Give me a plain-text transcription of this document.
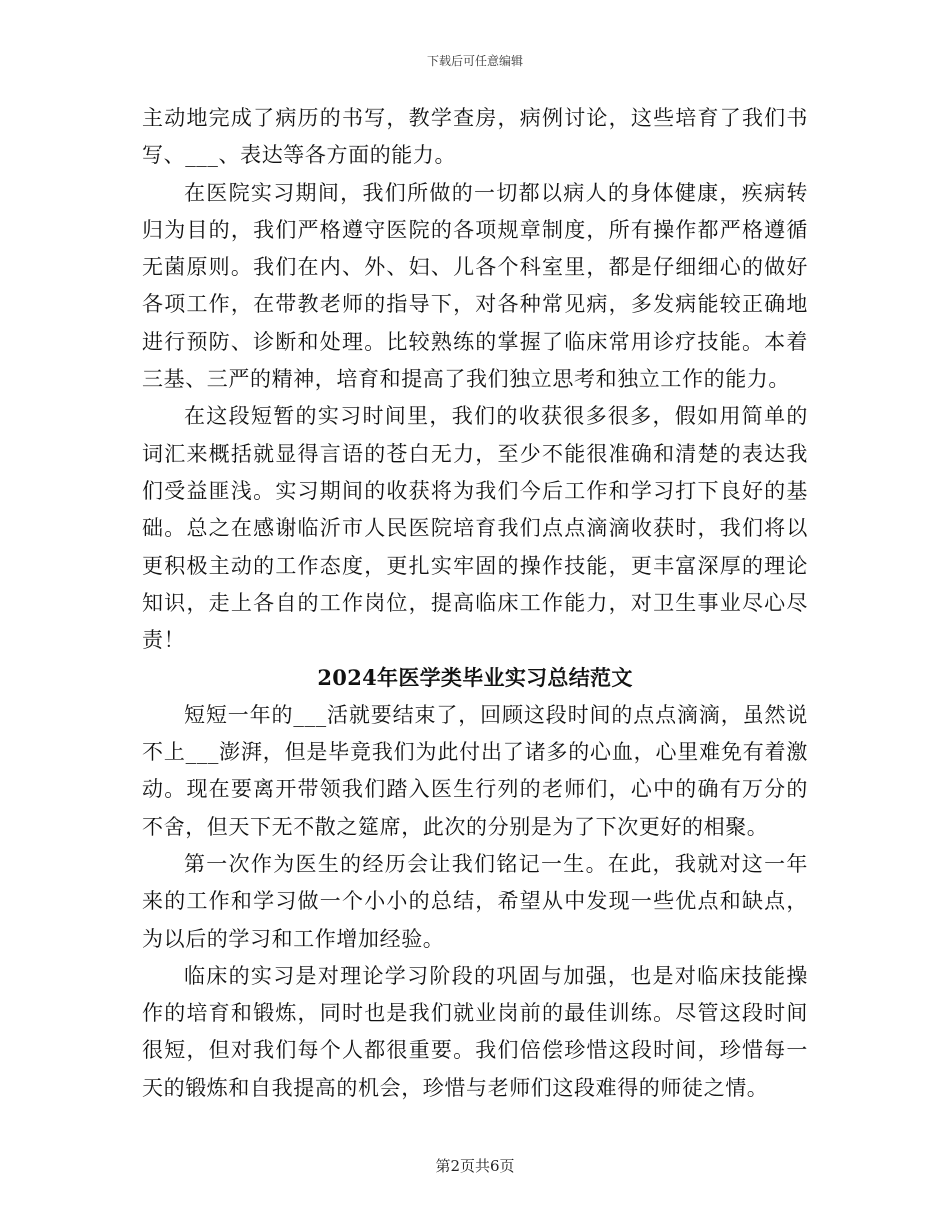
下载后可任意编辑

主动地完成了病历的书写，教学查房，病例讨论，这些培育了我们书写、___、表达等各方面的能力。

在医院实习期间，我们所做的一切都以病人的身体健康，疾病转归为目的，我们严格遵守医院的各项规章制度，所有操作都严格遵循无菌原则。我们在内、外、妇、儿各个科室里，都是仔细细心的做好各项工作，在带教老师的指导下，对各种常见病，多发病能较正确地进行预防、诊断和处理。比较熟练的掌握了临床常用诊疗技能。本着三基、三严的精神，培育和提高了我们独立思考和独立工作的能力。

在这段短暂的实习时间里，我们的收获很多很多，假如用简单的词汇来概括就显得言语的苍白无力，至少不能很准确和清楚的表达我们受益匪浅。实习期间的收获将为我们今后工作和学习打下良好的基础。总之在感谢临沂市人民医院培育我们点点滴滴收获时，我们将以更积极主动的工作态度，更扎实牢固的操作技能，更丰富深厚的理论知识，走上各自的工作岗位，提高临床工作能力，对卫生事业尽心尽责！

2024年医学类毕业实习总结范文

短短一年的___活就要结束了，回顾这段时间的点点滴滴，虽然说不上___澎湃，但是毕竟我们为此付出了诸多的心血，心里难免有着激动。现在要离开带领我们踏入医生行列的老师们，心中的确有万分的不舍，但天下无不散之筵席，此次的分别是为了下次更好的相聚。

第一次作为医生的经历会让我们铭记一生。在此，我就对这一年来的工作和学习做一个小小的总结，希望从中发现一些优点和缺点，为以后的学习和工作增加经验。

临床的实习是对理论学习阶段的巩固与加强，也是对临床技能操作的培育和锻炼，同时也是我们就业岗前的最佳训练。尽管这段时间很短，但对我们每个人都很重要。我们倍偿珍惜这段时间，珍惜每一天的锻炼和自我提高的机会，珍惜与老师们这段难得的师徒之情。

第2页共6页
